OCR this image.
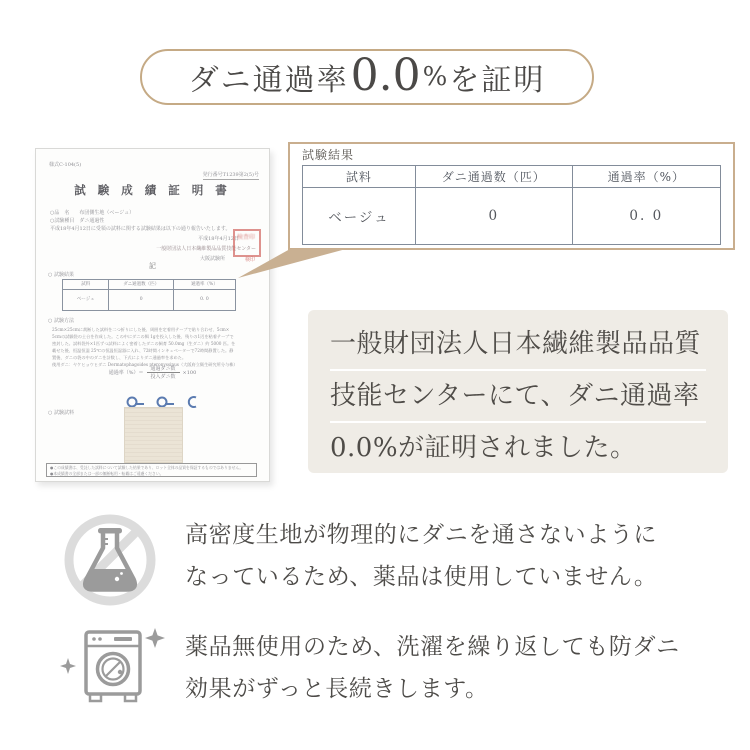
ダニ通過率 0.0 % を証明
様式C-104(5)
発行番号T1239第2(5)号
試 験 成 績 証 明 書
○品　名　　布団側生地（ベージュ）
○試験種目　ダニ通過性
平成18年4月12日に受領の試料に関する試験結果は以下の通り報告いたします。
平成18年4月12日
一般財団法人日本繊維製品品質技能センター
大阪試験所	検印
検査印
記
○ 試験結果
試料	ダニ通過数（匹）	通過率（%）
ベージュ	0	0. 0
○ 試験方法
25cm×25cmに裁断した試料を二つ折りにした後、周囲を定着用テープで貼り合わせ、5cm×
5cmの試験袋の土台を作成した。この中にダニの餌 1gを投入した後、残りの1辺を粘着テープで
密封した。試料袋外×1匹ずつ試料によく密着したダニの飼育 50.0mg（生ダニ）約 5000 匹。を
載せた後、恒温恒湿 25℃の恒温恒湿器に入れ、72時間インキュベーターで72時間静置した。静
置後、ダニの袋の中のダニを計数し、下式によりダニ通過率を求めた。
使用ダニ：ヤケヒョウヒダニ Dermatophagoides pteronyssinus（大阪府立衛生研究所分与株）
通過率（%）＝ $\frac{\text{通過ダニ数}}{\text{投入ダニ数}} \times 100$
○ 試験試料
●この成績書は、受託した試料について試験した結果であり、ロット全体の品質を保証するものではありません。
●本成績書の全部または一部の無断転用・転載はご遠慮ください。
試験結果
試料	ダニ通過数（匹）	通過率（%）
ベージュ	0	0. 0
一般財団法人日本繊維製品品質
技能センターにて、ダニ通過率
0.0%が証明されました。
高密度生地が物理的にダニを通さないように
なっているため、薬品は使用していません。
薬品無使用のため、洗濯を繰り返しても防ダニ
効果がずっと長続きします。
